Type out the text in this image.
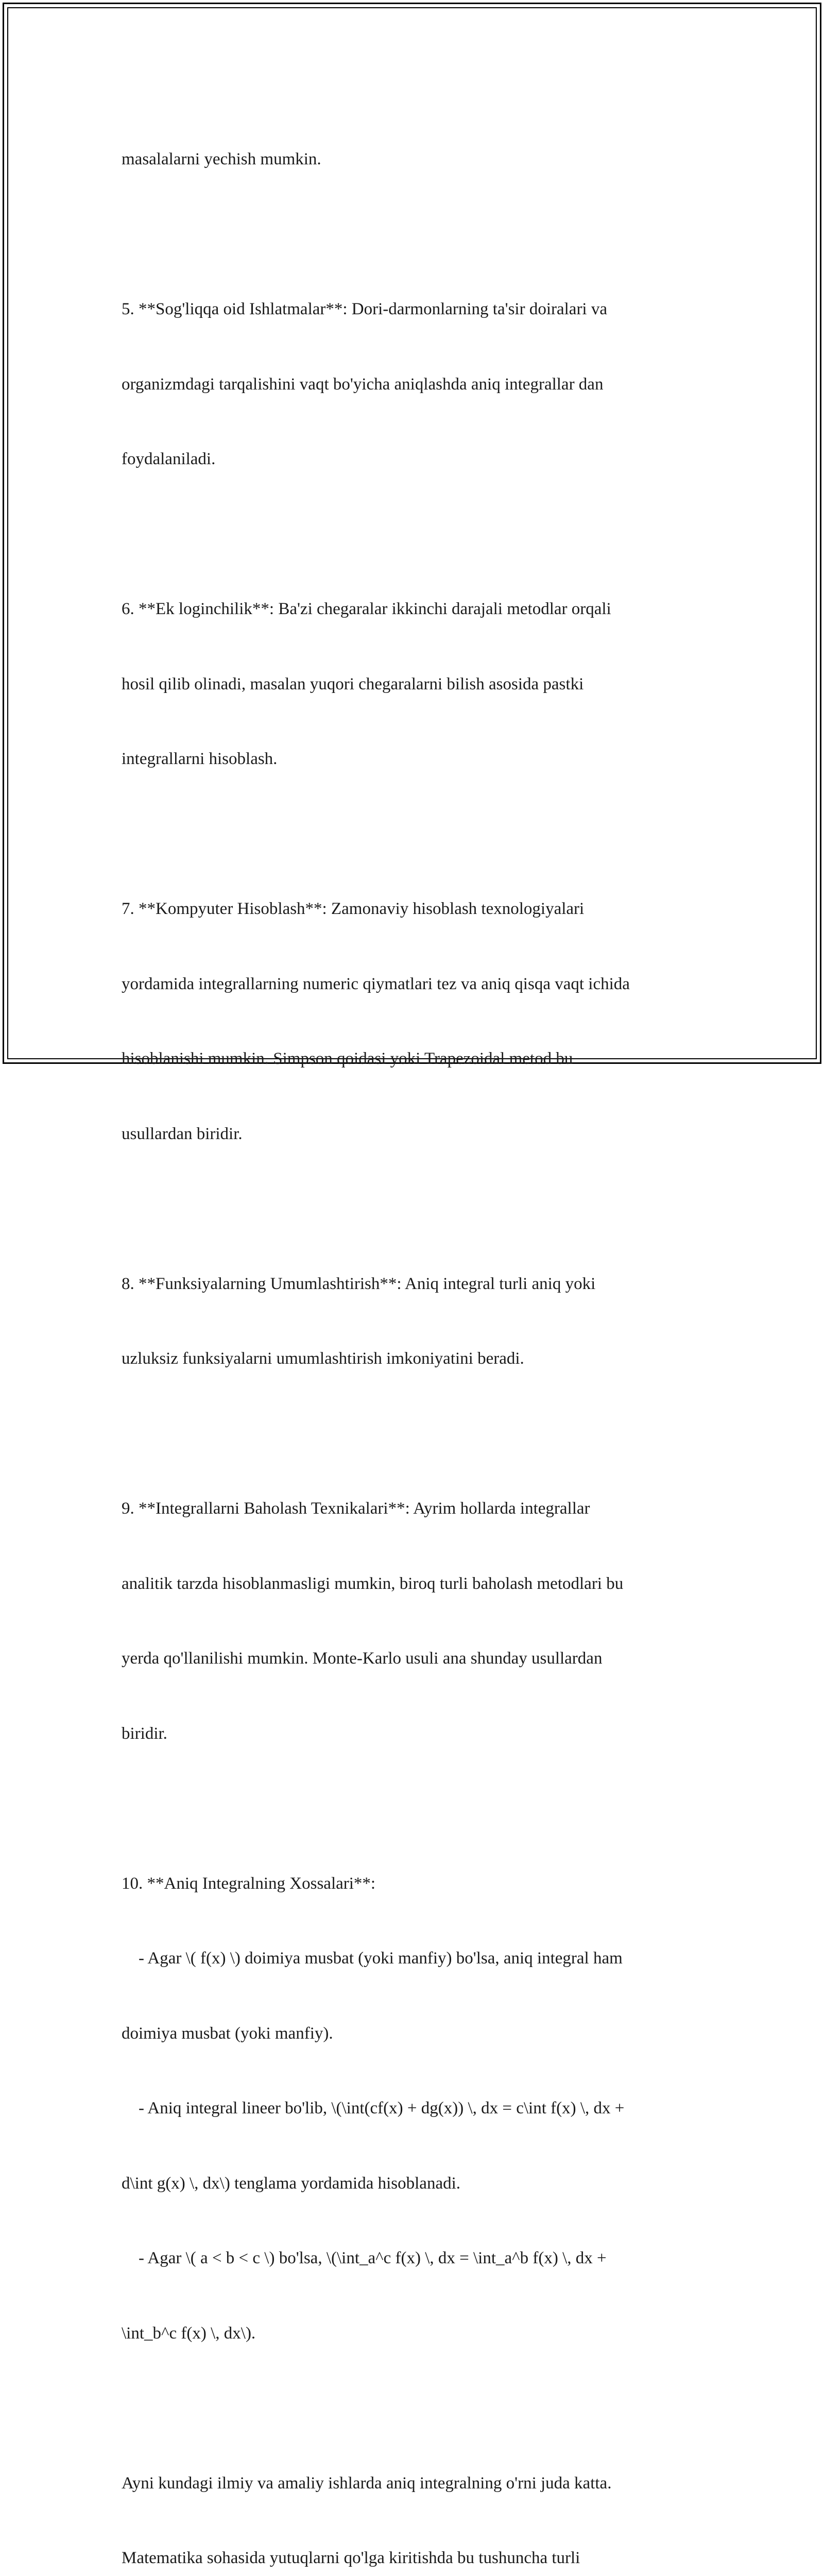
masalalarni yechish mumkin.

5. **Sog'liqqa oid Ishlatmalar**: Dori-darmonlarning ta'sir doiralari va

organizmdagi tarqalishini vaqt bo'yicha aniqlashda aniq integrallar dan

foydalaniladi.

6. **Ek loginchilik**: Ba'zi chegaralar ikkinchi darajali metodlar orqali

hosil qilib olinadi, masalan yuqori chegaralarni bilish asosida pastki

integrallarni hisoblash.

7. **Kompyuter Hisoblash**: Zamonaviy hisoblash texnologiyalari

yordamida integrallarning numeric qiymatlari tez va aniq qisqa vaqt ichida

hisoblanishi mumkin. Simpson qoidasi yoki Trapezoidal metod bu

usullardan biridir.

8. **Funksiyalarning Umumlashtirish**: Aniq integral turli aniq yoki

uzluksiz funksiyalarni umumlashtirish imkoniyatini beradi.

9. **Integrallarni Baholash Texnikalari**: Ayrim hollarda integrallar

analitik tarzda hisoblanmasligi mumkin, biroq turli baholash metodlari bu

yerda qo'llanilishi mumkin. Monte-Karlo usuli ana shunday usullardan

biridir.

10. **Aniq Integralning Xossalari**:

- Agar \( f(x) \) doimiya musbat (yoki manfiy) bo'lsa, aniq integral ham

doimiya musbat (yoki manfiy).

- Aniq integral lineer bo'lib, \(\int(cf(x) + dg(x)) \, dx = c\int f(x) \, dx +

d\int g(x) \, dx\) tenglama yordamida hisoblanadi.

- Agar \( a < b < c \) bo'lsa, \(\int_a^c f(x) \, dx = \int_a^b f(x) \, dx +

\int_b^c f(x) \, dx\).

Ayni kundagi ilmiy va amaliy ishlarda aniq integralning o'rni juda katta.

Matematika sohasida yutuqlarni qo'lga kiritishda bu tushuncha turli
